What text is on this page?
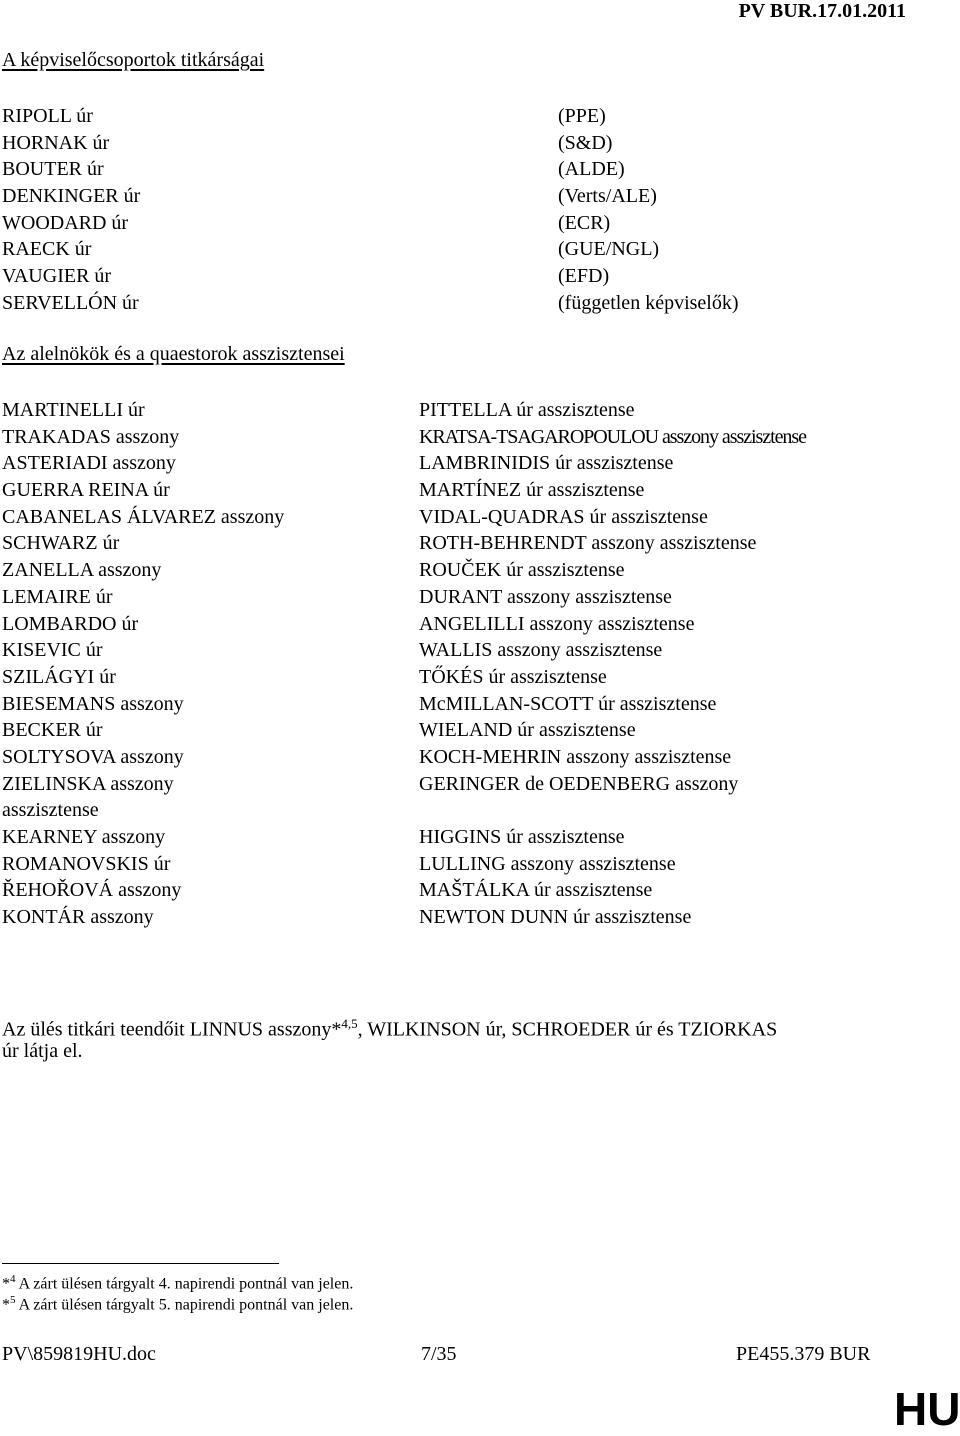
PV BUR.17.01.2011
A képviselőcsoportok titkárságai
RIPOLL úr
HORNAK úr
BOUTER úr
DENKINGER úr
WOODARD úr
RAECK úr
VAUGIER úr
SERVELLÓN úr
(PPE)
(S&D)
(ALDE)
(Verts/ALE)
(ECR)
(GUE/NGL)
(EFD)
(független képviselők)
Az alelnökök és a quaestorok asszisztensei
MARTINELLI úr
TRAKADAS asszony
ASTERIADI asszony
GUERRA REINA úr
CABANELAS ÁLVAREZ asszony
SCHWARZ úr
ZANELLA asszony
LEMAIRE úr
LOMBARDO úr
KISEVIC úr
SZILÁGYI úr
BIESEMANS asszony
BECKER úr
SOLTYSOVA asszony
ZIELINSKA asszony
asszisztense
KEARNEY asszony
ROMANOVSKIS úr
ŘEHOŘOVÁ asszony
KONTÁR asszony
PITTELLA úr asszisztense
KRATSA-TSAGAROPOULOU asszony asszisztense
LAMBRINIDIS úr asszisztense
MARTÍNEZ úr asszisztense
VIDAL-QUADRAS úr asszisztense
ROTH-BEHRENDT asszony asszisztense
ROUČEK úr asszisztense
DURANT asszony asszisztense
ANGELILLI asszony asszisztense
WALLIS asszony asszisztense
TŐKÉS úr asszisztense
McMILLAN-SCOTT úr asszisztense
WIELAND úr asszisztense
KOCH-MEHRIN asszony asszisztense
GERINGER de OEDENBERG asszony
HIGGINS úr asszisztense
LULLING asszony asszisztense
MAŠTÁLKA úr asszisztense
NEWTON DUNN úr asszisztense
Az ülés titkári teendőit LINNUS asszony*$^{4,5}$, WILKINSON úr, SCHROEDER úr és TZIORKAS
úr látja el.
*$^4$ A zárt ülésen tárgyalt 4. napirendi pontnál van jelen.
*$^5$ A zárt ülésen tárgyalt 5. napirendi pontnál van jelen.
PV\859819HU.doc	7/35	PE455.379 BUR
HU
